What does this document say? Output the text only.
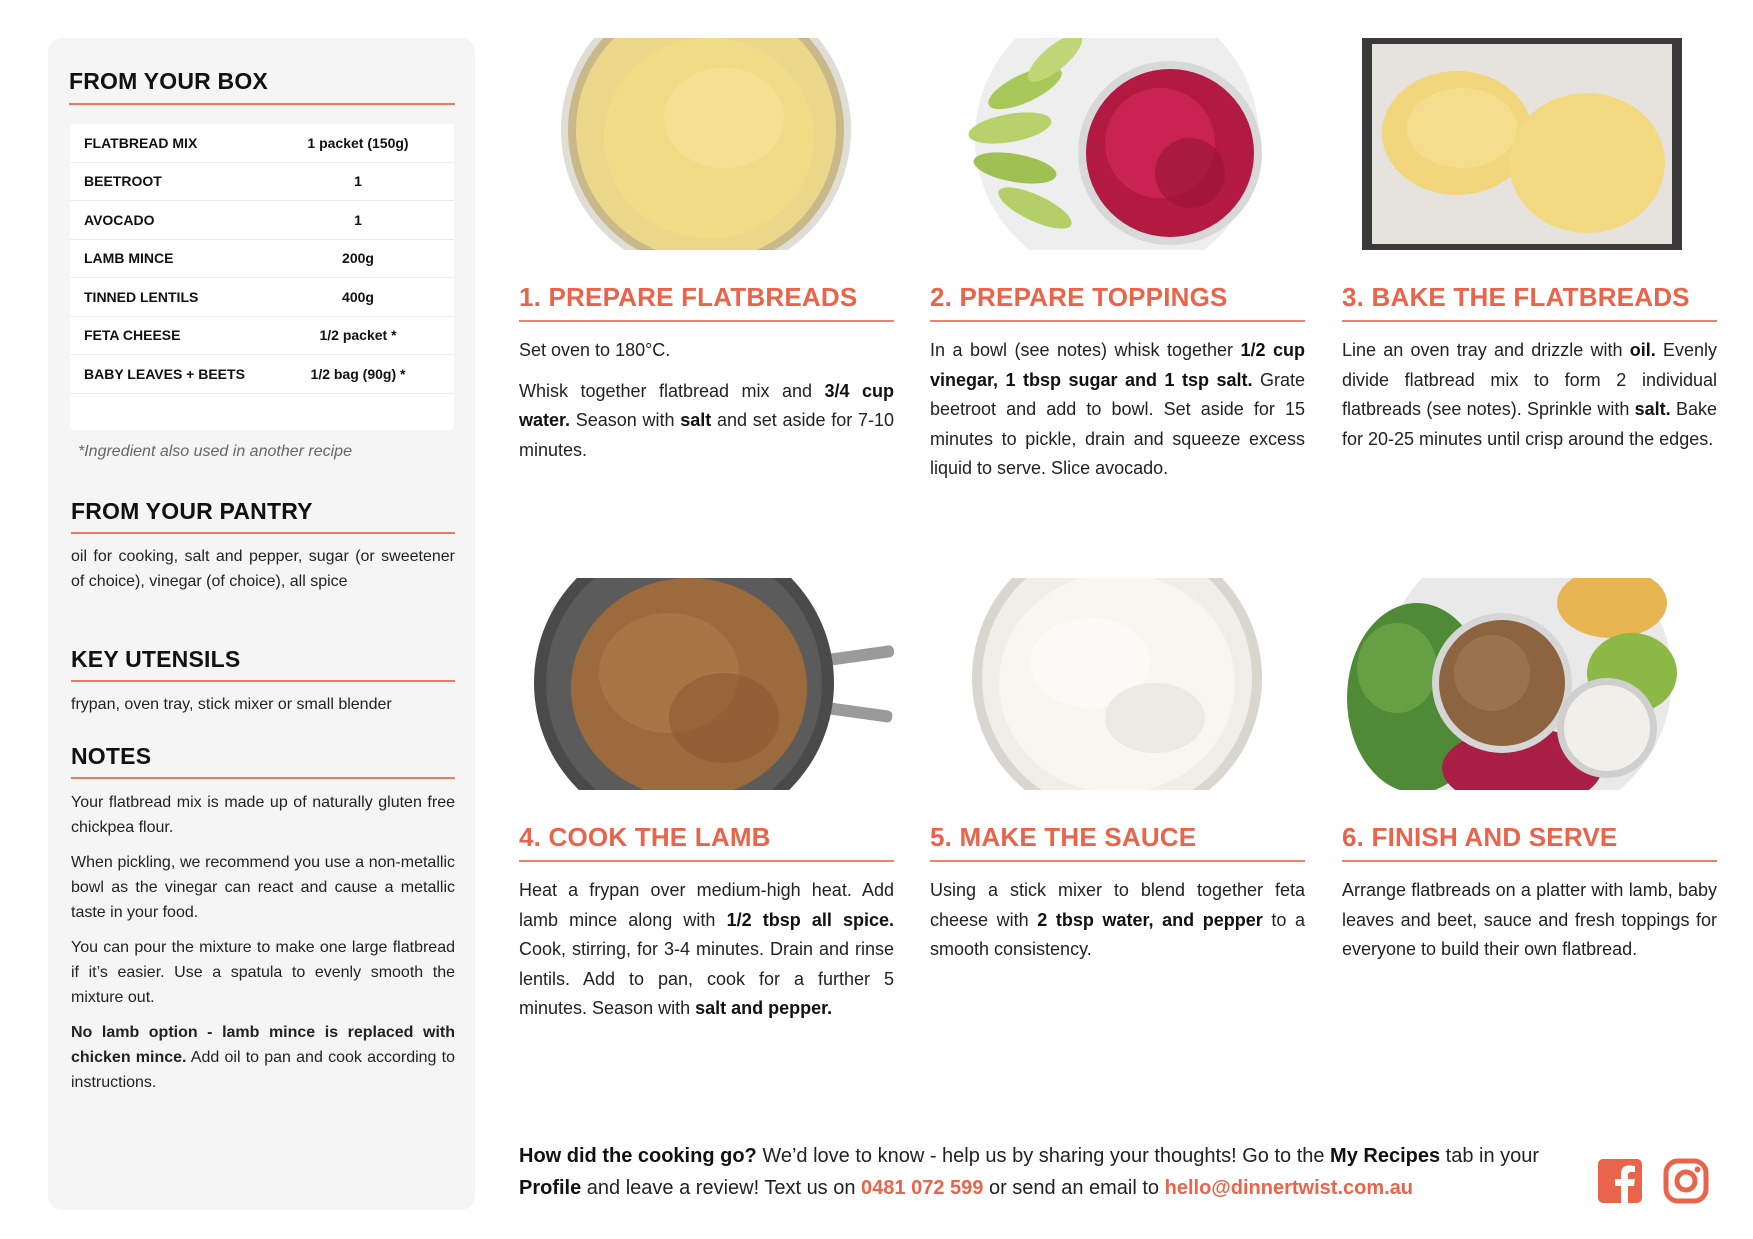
FROM YOUR BOX
FLATBREAD MIX	1 packet (150g)
BEETROOT	1
AVOCADO	1
LAMB MINCE	200g
TINNED LENTILS	400g
FETA CHEESE	1/2 packet *
BABY LEAVES + BEETS	1/2 bag (90g) *
*Ingredient also used in another recipe
FROM YOUR PANTRY
oil for cooking, salt and pepper, sugar (or sweetener of choice), vinegar (of choice), all spice
KEY UTENSILS
frypan, oven tray, stick mixer or small blender
NOTES

Your flatbread mix is made up of naturally gluten free chickpea flour.

When pickling, we recommend you use a non-metallic bowl as the vinegar can react and cause a metallic taste in your food.

You can pour the mixture to make one large flatbread if it’s easier. Use a spatula to evenly smooth the mixture out.

No lamb option - lamb mince is replaced with chicken mince. Add oil to pan and cook according to instructions.

1. PREPARE FLATBREADS

Set oven to 180°C.

Whisk together flatbread mix and 3/4 cup water. Season with salt and set aside for 7-10 minutes.

2. PREPARE TOPPINGS

In a bowl (see notes) whisk together 1/2 cup vinegar, 1 tbsp sugar and 1 tsp salt. Grate beetroot and add to bowl. Set aside for 15 minutes to pickle, drain and squeeze excess liquid to serve. Slice avocado.

3. BAKE THE FLATBREADS

Line an oven tray and drizzle with oil. Evenly divide flatbread mix to form 2 individual flatbreads (see notes). Sprinkle with salt. Bake for 20-25 minutes until crisp around the edges.

4. COOK THE LAMB

Heat a frypan over medium-high heat. Add lamb mince along with 1/2 tbsp all spice. Cook, stirring, for 3-4 minutes. Drain and rinse lentils. Add to pan, cook for a further 5 minutes. Season with salt and pepper.

5. MAKE THE SAUCE

Using a stick mixer to blend together feta cheese with 2 tbsp water, and pepper to a smooth consistency.

6. FINISH AND SERVE

Arrange flatbreads on a platter with lamb, baby leaves and beet, sauce and fresh toppings for everyone to build their own flatbread.

How did the cooking go? We’d love to know - help us by sharing your thoughts! Go to the My Recipes tab in your Profile and leave a review! Text us on 0481 072 599 or send an email to hello@dinnertwist.com.au
